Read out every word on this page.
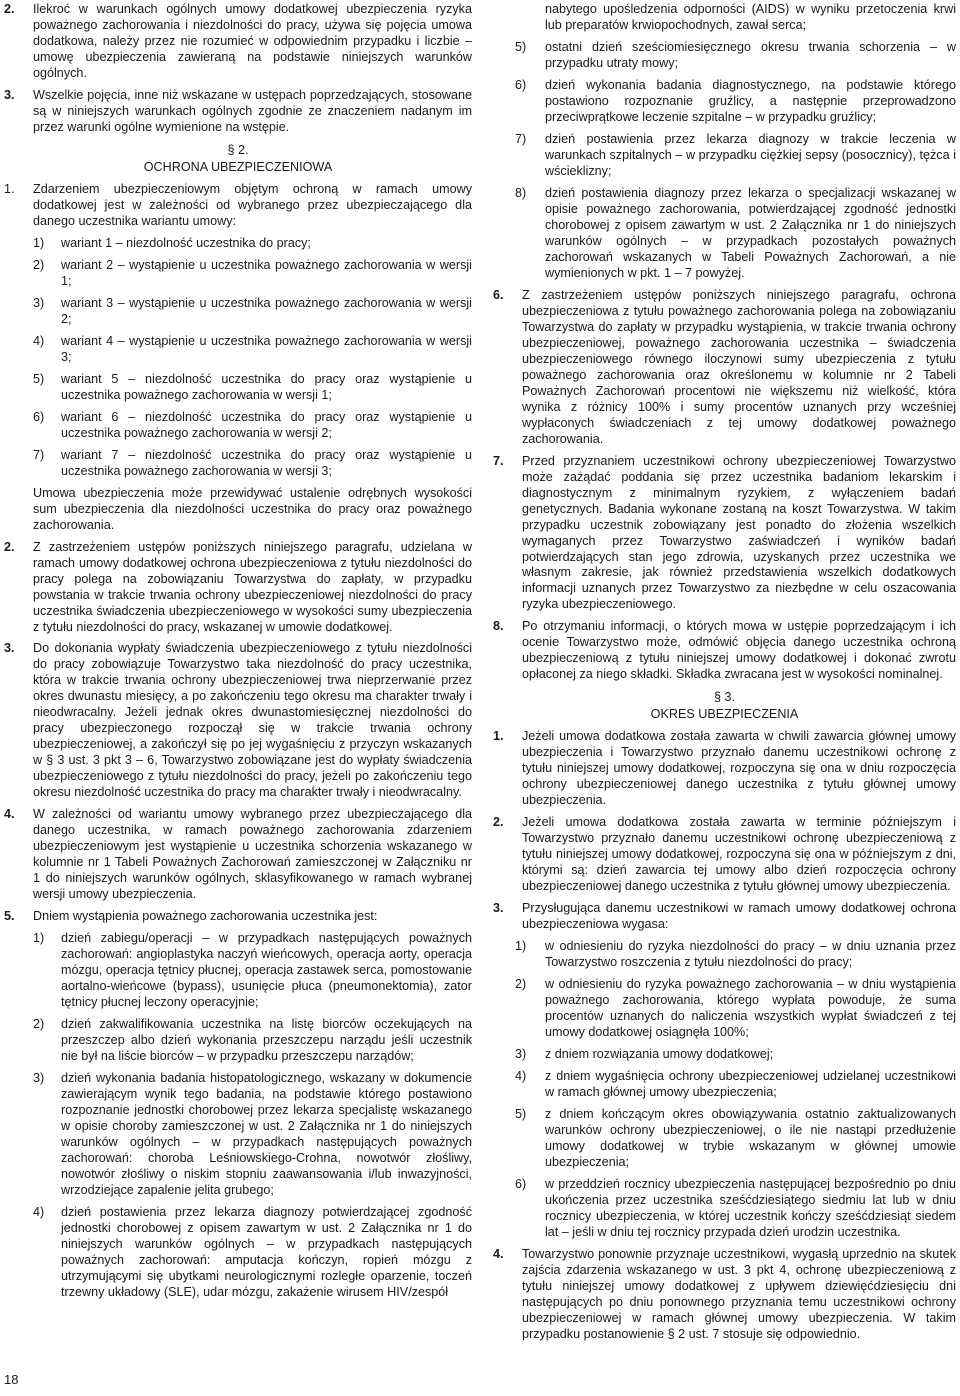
2. Ilekroć w warunkach ogólnych umowy dodatkowej ubezpieczenia ryzyka poważnego zachorowania i niezdolności do pracy, używa się pojęcia umowa dodatkowa, należy przez nie rozumieć w odpowiednim przypadku i liczbie – umowę ubezpieczenia zawieraną na podstawie niniejszych warunków ogólnych.
3. Wszelkie pojęcia, inne niż wskazane w ustępach poprzedzających, stosowane są w niniejszych warunkach ogólnych zgodnie ze znaczeniem nadanym im przez warunki ogólne wymienione na wstępie.
§ 2.
OCHRONA UBEZPIECZENIOWA
1. Zdarzeniem ubezpieczeniowym objętym ochroną w ramach umowy dodatkowej jest w zależności od wybranego przez ubezpieczającego dla danego uczestnika wariantu umowy:
1) wariant 1 – niezdolność uczestnika do pracy;
2) wariant 2 – wystąpienie u uczestnika poważnego zachorowania w wersji 1;
3) wariant 3 – wystąpienie u uczestnika poważnego zachorowania w wersji 2;
4) wariant 4 – wystąpienie u uczestnika poważnego zachorowania w wersji 3;
5) wariant 5 – niezdolność uczestnika do pracy oraz wystąpienie u uczestnika poważnego zachorowania w wersji 1;
6) wariant 6 – niezdolność uczestnika do pracy oraz wystąpienie u uczestnika poważnego zachorowania w wersji 2;
7) wariant 7 – niezdolność uczestnika do pracy oraz wystąpienie u uczestnika poważnego zachorowania w wersji 3;
Umowa ubezpieczenia może przewidywać ustalenie odrębnych wysokości sum ubezpieczenia dla niezdolności uczestnika do pracy oraz poważnego zachorowania.
2. Z zastrzeżeniem ustępów poniższych niniejszego paragrafu, udzielana w ramach umowy dodatkowej ochrona ubezpieczeniowa z tytułu niezdolności do pracy polega na zobowiązaniu Towarzystwa do zapłaty, w przypadku powstania w trakcie trwania ochrony ubezpieczeniowej niezdolności do pracy uczestnika świadczenia ubezpieczeniowego w wysokości sumy ubezpieczenia z tytułu niezdolności do pracy, wskazanej w umowie dodatkowej.
3. Do dokonania wypłaty świadczenia ubezpieczeniowego z tytułu niezdolności do pracy zobowiązuje Towarzystwo taka niezdolność do pracy uczestnika, która w trakcie trwania ochrony ubezpieczeniowej trwa nieprzerwanie przez okres dwunastu miesięcy, a po zakończeniu tego okresu ma charakter trwały i nieodwracalny. Jeżeli jednak okres dwunastomiesięcznej niezdolności do pracy ubezpieczonego rozpoczął się w trakcie trwania ochrony ubezpieczeniowej, a zakończył się po jej wygaśnięciu z przyczyn wskazanych w § 3 ust. 3 pkt 3 – 6, Towarzystwo zobowiązane jest do wypłaty świadczenia ubezpieczeniowego z tytułu niezdolności do pracy, jeżeli po zakończeniu tego okresu niezdolność uczestnika do pracy ma charakter trwały i nieodwracalny.
4. W zależności od wariantu umowy wybranego przez ubezpieczającego dla danego uczestnika, w ramach poważnego zachorowania zdarzeniem ubezpieczeniowym jest wystąpienie u uczestnika schorzenia wskazanego w kolumnie nr 1 Tabeli Poważnych Zachorowań zamieszczonej w Załączniku nr 1 do niniejszych warunków ogólnych, sklasyfikowanego w ramach wybranej wersji umowy ubezpieczenia.
5. Dniem wystąpienia poważnego zachorowania uczestnika jest:
1) dzień zabiegu/operacji – w przypadkach następujących poważnych zachorowań: angioplastyka naczyń wieńcowych, operacja aorty, operacja mózgu, operacja tętnicy płucnej, operacja zastawek serca, pomostowanie aortalno-wieńcowe (bypass), usunięcie płuca (pneumonektomia), zator tętnicy płucnej leczony operacyjnie;
2) dzień zakwalifikowania uczestnika na listę biorców oczekujących na przeszczep albo dzień wykonania przeszczepu narządu jeśli uczestnik nie był na liście biorców – w przypadku przeszczepu narządów;
3) dzień wykonania badania histopatologicznego, wskazany w dokumencie zawierającym wynik tego badania, na podstawie którego postawiono rozpoznanie jednostki chorobowej przez lekarza specjalistę wskazanego w opisie choroby zamieszczonej w ust. 2 Załącznika nr 1 do niniejszych warunków ogólnych – w przypadkach następujących poważnych zachorowań: choroba Leśniowskiego-Crohna, nowotwór złośliwy, nowotwór złośliwy o niskim stopniu zaawansowania i/lub inwazyjności, wrzodziejące zapalenie jelita grubego;
4) dzień postawienia przez lekarza diagnozy potwierdzającej zgodność jednostki chorobowej z opisem zawartym w ust. 2 Załącznika nr 1 do niniejszych warunków ogólnych – w przypadkach następujących poważnych zachorowań: amputacja kończyn, ropień mózgu z utrzymującymi się ubytkami neurologicznymi rozległe oparzenie, toczeń trzewny układowy (SLE), udar mózgu, zakażenie wirusem HIV/zespół
nabytego upośledzenia odporności (AIDS) w wyniku przetoczenia krwi lub preparatów krwiopochodnych, zawał serca;
5) ostatni dzień sześciomiesięcznego okresu trwania schorzenia – w przypadku utraty mowy;
6) dzień wykonania badania diagnostycznego, na podstawie którego postawiono rozpoznanie gruźlicy, a następnie przeprowadzono przeciwprątkowe leczenie szpitalne – w przypadku gruźlicy;
7) dzień postawienia przez lekarza diagnozy w trakcie leczenia w warunkach szpitalnych – w przypadku ciężkiej sepsy (posocznicy), tężca i wścieklizny;
8) dzień postawienia diagnozy przez lekarza o specjalizacji wskazanej w opisie poważnego zachorowania, potwierdzającej zgodność jednostki chorobowej z opisem zawartym w ust. 2 Załącznika nr 1 do niniejszych warunków ogólnych – w przypadkach pozostałych poważnych zachorowań wskazanych w Tabeli Poważnych Zachorowań, a nie wymienionych w pkt. 1 – 7 powyżej.
6. Z zastrzeżeniem ustępów poniższych niniejszego paragrafu, ochrona ubezpieczeniowa z tytułu poważnego zachorowania polega na zobowiązaniu Towarzystwa do zapłaty w przypadku wystąpienia, w trakcie trwania ochrony ubezpieczeniowej, poważnego zachorowania uczestnika – świadczenia ubezpieczeniowego równego iloczynowi sumy ubezpieczenia z tytułu poważnego zachorowania oraz określonemu w kolumnie nr 2 Tabeli Poważnych Zachorowań procentowi nie większemu niż wielkość, która wynika z różnicy 100% i sumy procentów uznanych przy wcześniej wypłaconych świadczeniach z tej umowy dodatkowej poważnego zachorowania.
7. Przed przyznaniem uczestnikowi ochrony ubezpieczeniowej Towarzystwo może zażądać poddania się przez uczestnika badaniom lekarskim i diagnostycznym z minimalnym ryzykiem, z wyłączeniem badań genetycznych. Badania wykonane zostaną na koszt Towarzystwa. W takim przypadku uczestnik zobowiązany jest ponadto do złożenia wszelkich wymaganych przez Towarzystwo zaświadczeń i wyników badań potwierdzających stan jego zdrowia, uzyskanych przez uczestnika we własnym zakresie, jak również przedstawienia wszelkich dodatkowych informacji uznanych przez Towarzystwo za niezbędne w celu oszacowania ryzyka ubezpieczeniowego.
8. Po otrzymaniu informacji, o których mowa w ustępie poprzedzającym i ich ocenie Towarzystwo może, odmówić objęcia danego uczestnika ochroną ubezpieczeniową z tytułu niniejszej umowy dodatkowej i dokonać zwrotu opłaconej za niego składki. Składka zwracana jest w wysokości nominalnej.
§ 3.
OKRES UBEZPIECZENIA
1. Jeżeli umowa dodatkowa została zawarta w chwili zawarcia głównej umowy ubezpieczenia i Towarzystwo przyznało danemu uczestnikowi ochronę z tytułu niniejszej umowy dodatkowej, rozpoczyna się ona w dniu rozpoczęcia ochrony ubezpieczeniowej danego uczestnika z tytułu głównej umowy ubezpieczenia.
2. Jeżeli umowa dodatkowa została zawarta w terminie późniejszym i Towarzystwo przyznało danemu uczestnikowi ochronę ubezpieczeniową z tytułu niniejszej umowy dodatkowej, rozpoczyna się ona w późniejszym z dni, którymi są: dzień zawarcia tej umowy albo dzień rozpoczęcia ochrony ubezpieczeniowej danego uczestnika z tytułu głównej umowy ubezpieczenia.
3. Przysługująca danemu uczestnikowi w ramach umowy dodatkowej ochrona ubezpieczeniowa wygasa:
1) w odniesieniu do ryzyka niezdolności do pracy – w dniu uznania przez Towarzystwo roszczenia z tytułu niezdolności do pracy;
2) w odniesieniu do ryzyka poważnego zachorowania – w dniu wystąpienia poważnego zachorowania, którego wypłata powoduje, że suma procentów uznanych do naliczenia wszystkich wypłat świadczeń z tej umowy dodatkowej osiągnęła 100%;
3) z dniem rozwiązania umowy dodatkowej;
4) z dniem wygaśnięcia ochrony ubezpieczeniowej udzielanej uczestnikowi w ramach głównej umowy ubezpieczenia;
5) z dniem kończącym okres obowiązywania ostatnio zaktualizowanych warunków ochrony ubezpieczeniowej, o ile nie nastąpi przedłużenie umowy dodatkowej w trybie wskazanym w głównej umowie ubezpieczenia;
6) w przeddzień rocznicy ubezpieczenia następującej bezpośrednio po dniu ukończenia przez uczestnika sześćdziesiątego siedmiu lat lub w dniu rocznicy ubezpieczenia, w której uczestnik kończy sześćdziesiąt siedem lat – jeśli w dniu tej rocznicy przypada dzień urodzin uczestnika.
4. Towarzystwo ponownie przyznaje uczestnikowi, wygasłą uprzednio na skutek zajścia zdarzenia wskazanego w ust. 3 pkt 4, ochronę ubezpieczeniową z tytułu niniejszej umowy dodatkowej z upływem dziewięćdziesięciu dni następujących po dniu ponownego przyznania temu uczestnikowi ochrony ubezpieczeniowej w ramach głównej umowy ubezpieczenia. W takim przypadku postanowienie § 2 ust. 7 stosuje się odpowiednio.
18
